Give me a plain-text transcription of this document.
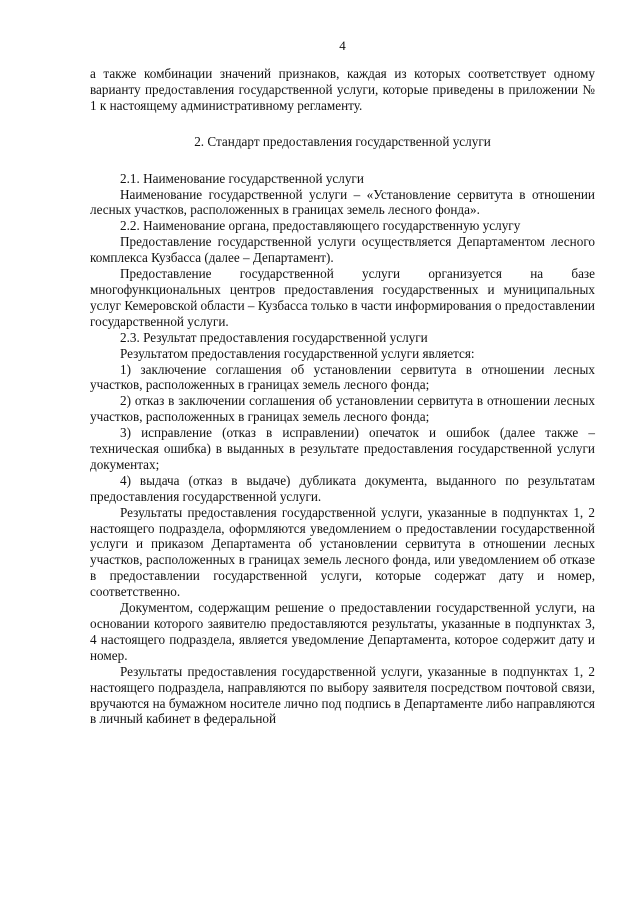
4

а также комбинации значений признаков, каждая из которых соответствует одному варианту предоставления государственной услуги, которые приведены в приложении № 1 к настоящему административному регламенту.

2. Стандарт предоставления государственной услуги

2.1. Наименование государственной услуги

Наименование государственной услуги – «Установление сервитута в отношении лесных участков, расположенных в границах земель лесного фонда».

2.2. Наименование органа, предоставляющего государственную услугу

Предоставление государственной услуги осуществляется Департаментом лесного комплекса Кузбасса (далее – Департамент).

Предоставление государственной услуги организуется на базе многофункциональных центров предоставления государственных и муниципальных услуг Кемеровской области – Кузбасса только в части информирования о предоставлении государственной услуги.

2.3. Результат предоставления государственной услуги

Результатом предоставления государственной услуги является:

1) заключение соглашения об установлении сервитута в отношении лесных участков, расположенных в границах земель лесного фонда;

2) отказ в заключении соглашения об установлении сервитута в отношении лесных участков, расположенных в границах земель лесного фонда;

3) исправление (отказ в исправлении) опечаток и ошибок (далее также – техническая ошибка) в выданных в результате предоставления государственной услуги документах;

4) выдача (отказ в выдаче) дубликата документа, выданного по результатам предоставления государственной услуги.

Результаты предоставления государственной услуги, указанные в подпунктах 1, 2 настоящего подраздела, оформляются уведомлением о предоставлении государственной услуги и приказом Департамента об установлении сервитута в отношении лесных участков, расположенных в границах земель лесного фонда, или уведомлением об отказе в предоставлении государственной услуги, которые содержат дату и номер, соответственно.

Документом, содержащим решение о предоставлении государственной услуги, на основании которого заявителю предоставляются результаты, указанные в подпунктах 3, 4 настоящего подраздела, является уведомление Департамента, которое содержит дату и номер.

Результаты предоставления государственной услуги, указанные в подпунктах 1, 2 настоящего подраздела, направляются по выбору заявителя посредством почтовой связи, вручаются на бумажном носителе лично под подпись в Департаменте либо направляются в личный кабинет в федеральной
